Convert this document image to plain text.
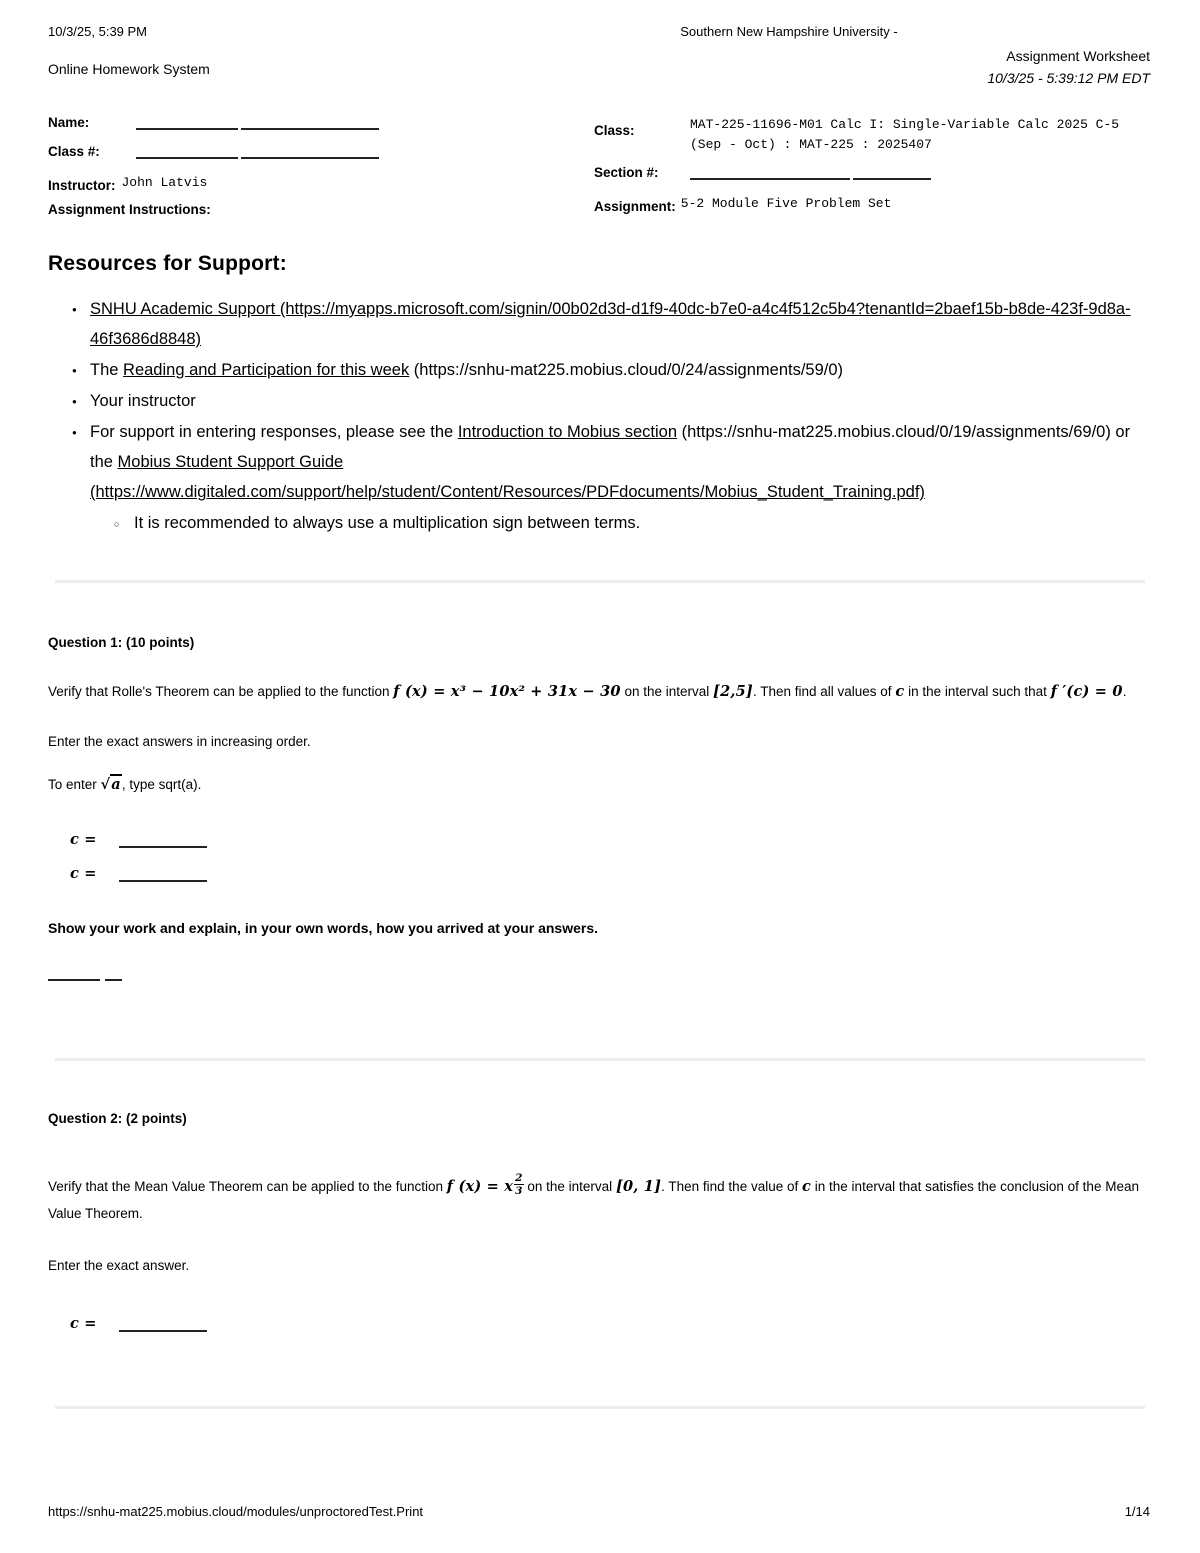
10/3/25, 5:39 PM	Southern New Hampshire University -
Online Homework System
Assignment Worksheet
10/3/25 - 5:39:12 PM EDT
Name:
Class #:
Instructor: John Latvis
Assignment Instructions:
Class:	MAT-225-11696-M01 Calc I: Single-Variable Calc 2025 C-5 (Sep - Oct) : MAT-225 : 2025407
Section #:
Assignment: 5-2 Module Five Problem Set
Resources for Support:
● SNHU Academic Support (https://myapps.microsoft.com/signin/00b02d3d-d1f9-40dc-b7e0-a4c4f512c5b4?tenantId=2baef15b-b8de-423f-9d8a-46f3686d8848)
● The Reading and Participation for this week (https://snhu-mat225.mobius.cloud/0/24/assignments/59/0)
● Your instructor
● For support in entering responses, please see the Introduction to Mobius section (https://snhu-mat225.mobius.cloud/0/19/assignments/69/0) or the Mobius Student Support Guide (https://www.digitaled.com/support/help/student/Content/Resources/PDFdocuments/Mobius_Student_Training.pdf)
○ It is recommended to always use a multiplication sign between terms.
Question 1: (10 points)
Verify that Rolle's Theorem can be applied to the function f (x) = x³ − 10x² + 31x − 30 on the interval [2,5]. Then find all values of c in the interval such that f ′(c) = 0.
Enter the exact answers in increasing order.
To enter √a, type sqrt(a).
c =
c =
Show your work and explain, in your own words, how you arrived at your answers.
Question 2: (2 points)
Verify that the Mean Value Theorem can be applied to the function f (x) = x $\frac{2}{3}$ on the interval [0, 1]. Then find the value of c in the interval that satisfies the conclusion of the Mean Value Theorem.
Enter the exact answer.
c =
https://snhu-mat225.mobius.cloud/modules/unproctoredTest.Print	1/14
